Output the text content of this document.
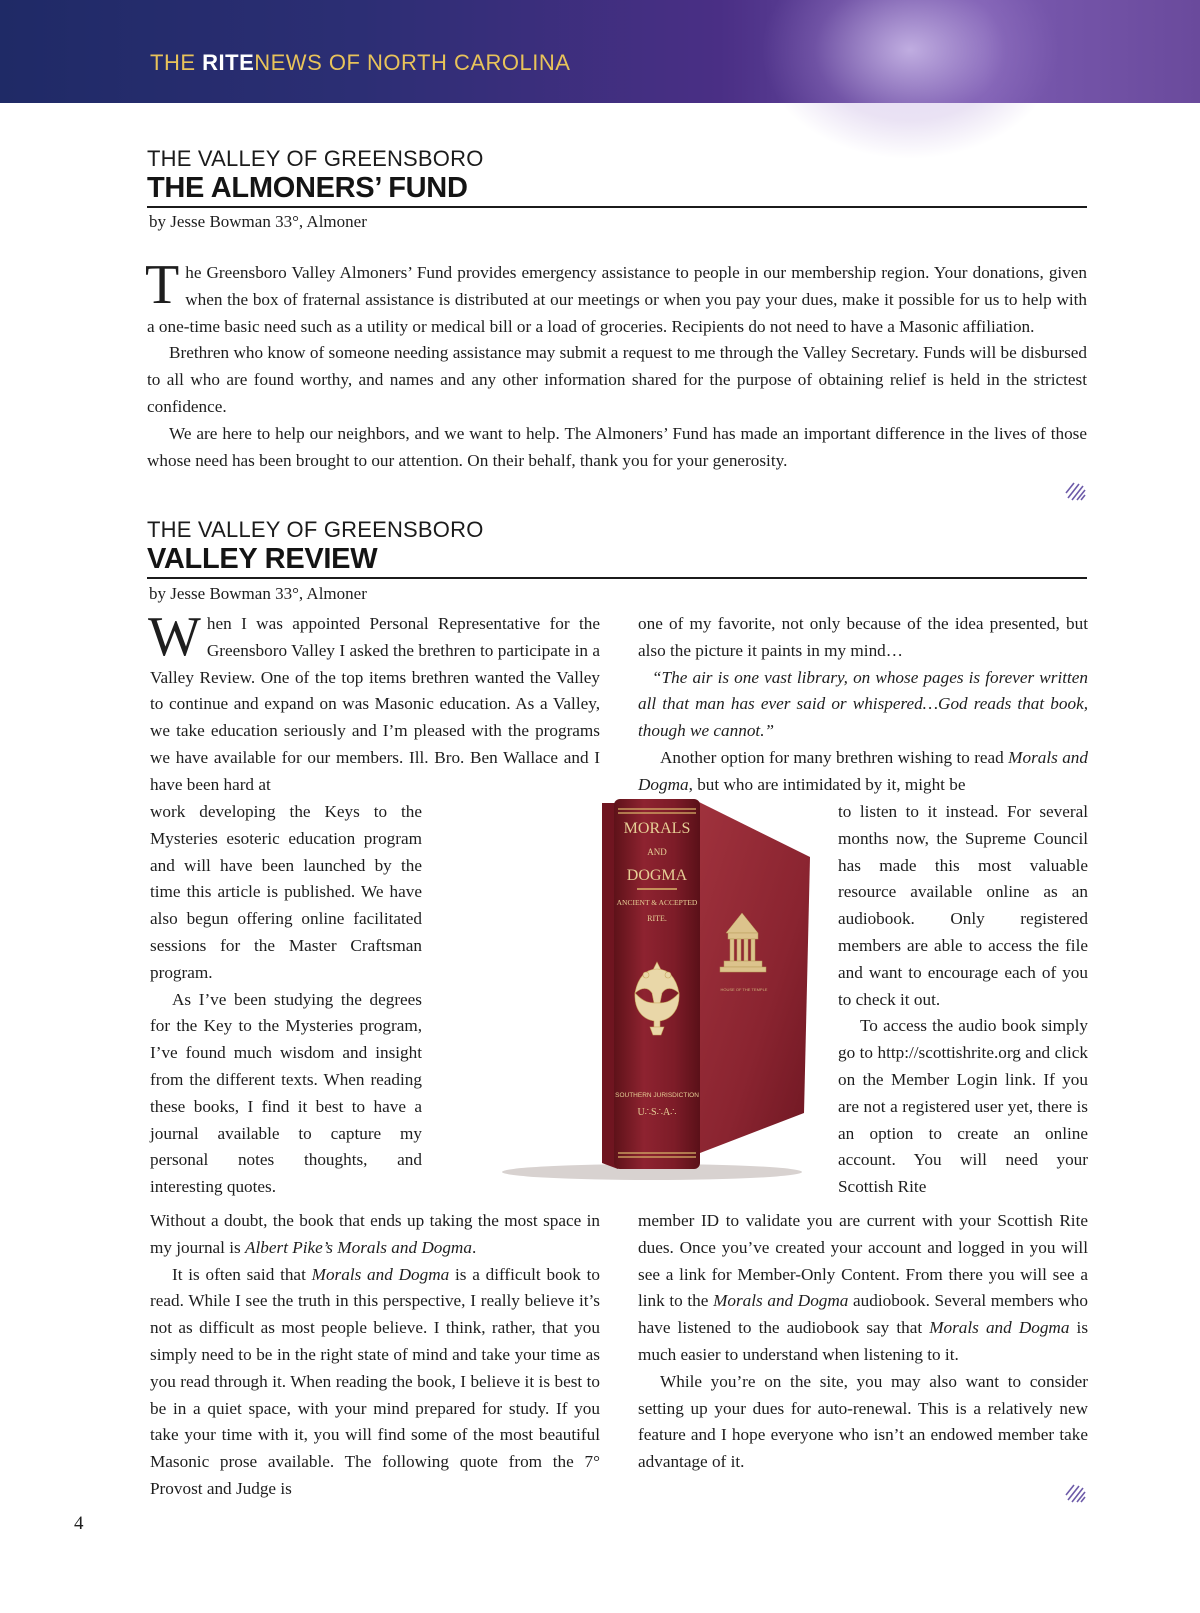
THE RITENEWS OF NORTH CAROLINA
THE VALLEY OF GREENSBORO
THE ALMONERS’ FUND
by Jesse Bowman 33°, Almoner

The Greensboro Valley Almoners’ Fund provides emergency assistance to people in our membership region. Your donations, given when the box of fraternal assistance is distributed at our meetings or when you pay your dues, make it possible for us to help with a one-time basic need such as a utility or medical bill or a load of groceries. Recipients do not need to have a Masonic affiliation.

Brethren who know of someone needing assistance may submit a request to me through the Valley Secretary. Funds will be disbursed to all who are found worthy, and names and any other information shared for the purpose of obtaining relief is held in the strictest confidence.

We are here to help our neighbors, and we want to help. The Almoners’ Fund has made an important difference in the lives of those whose need has been brought to our attention. On their behalf, thank you for your generosity.

THE VALLEY OF GREENSBORO
VALLEY REVIEW
by Jesse Bowman 33°, Almoner

When I was appointed Personal Representative for the Greensboro Valley I asked the brethren to participate in a Valley Review. One of the top items brethren wanted the Valley to continue and expand on was Masonic education. As a Valley, we take education seriously and I’m pleased with the programs we have available for our members. Ill. Bro. Ben Wallace and I have been hard at

work developing the Keys to the Mysteries esoteric education program and will have been launched by the time this article is published. We have also begun offering online facilitated sessions for the Master Craftsman program.

As I’ve been studying the degrees for the Key to the Mysteries program, I’ve found much wisdom and insight from the different texts. When reading these books, I find it best to have a journal available to capture my personal notes thoughts, and interesting quotes.

Without a doubt, the book that ends up taking the most space in my journal is Albert Pike’s Morals and Dogma.

It is often said that Morals and Dogma is a difficult book to read. While I see the truth in this perspective, I really believe it’s not as difficult as most people believe. I think, rather, that you simply need to be in the right state of mind and take your time as you read through it. When reading the book, I believe it is best to be in a quiet space, with your mind prepared for study. If you take your time with it, you will find some of the most beautiful Masonic prose available. The following quote from the 7° Provost and Judge is

one of my favorite, not only because of the idea presented, but also the picture it paints in my mind…

“The air is one vast library, on whose pages is forever written all that man has ever said or whispered…God reads that book, though we cannot.”

Another option for many brethren wishing to read Morals and Dogma, but who are intimidated by it, might be

to listen to it instead. For several months now, the Supreme Council has made this most valuable resource available online as an audiobook. Only registered members are able to access the file and want to encourage each of you to check it out.

To access the audio book simply go to http://scottishrite.org and click on the Member Login link. If you are not a registered user yet, there is an option to create an online account. You will need your Scottish Rite

member ID to validate you are current with your Scottish Rite dues. Once you’ve created your account and logged in you will see a link for Member-Only Content. From there you will see a link to the Morals and Dogma audiobook. Several members who have listened to the audiobook say that Morals and Dogma is much easier to understand when listening to it.

While you’re on the site, you may also want to consider setting up your dues for auto-renewal. This is a relatively new feature and I hope everyone who isn’t an endowed member take advantage of it.

MORALS
AND
DOGMA
ANCIENT & ACCEPTED
RITE.
SOUTHERN JURISDICTION
U∴S∴A∴
HOUSE OF THE TEMPLE
4
